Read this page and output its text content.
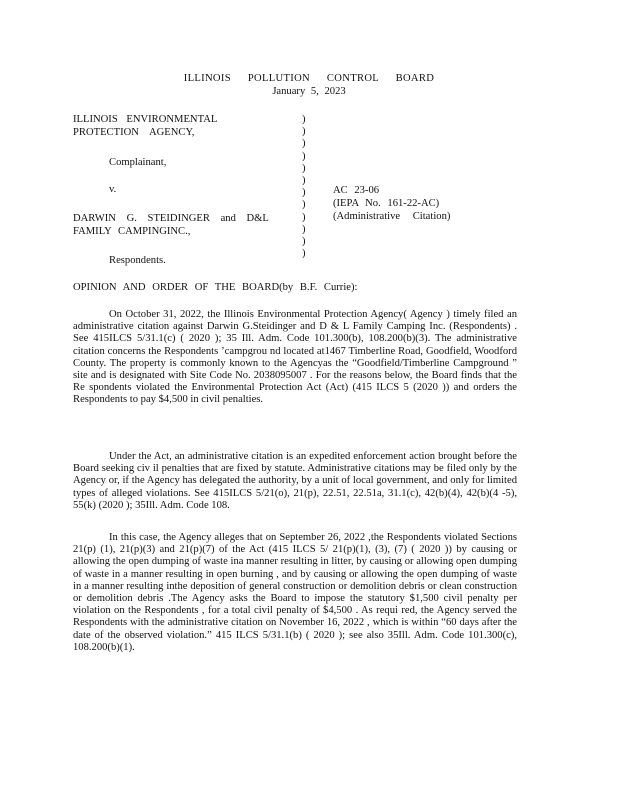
ILLINOIS POLLUTION CONTROL BOARD
January 5, 2023
ILLINOIS ENVIRONMENTAL
PROTECTION AGENCY,
Complainant,
v.
DARWIN G. STEIDINGER and D&L
FAMILY CAMPINGINC.,
Respondents.
)
)
)
)
)
)
)
)
)
)
)
)
AC 23-06
(IEPA No. 161-22-AC)
(Administrative Citation)
OPINION AND ORDER OF THE BOARD(by B.F. Currie):
On October 31, 2022, the Illinois Environmental Protection Agency( Agency ) timely filed an administrative citation against Darwin G.Steidinger and D & L Family Camping Inc. (Respondents) . See 415ILCS 5/31.1(c) ( 2020 ); 35 Ill. Adm. Code 101.300(b), 108.200(b)(3). The administrative citation concerns the Respondents ’campgrou nd located at1467 Timberline Road, Goodfield, Woodford County. The property is commonly known to the Agencyas the “Goodfield/Timberline Campground ” site and is designated with Site Code No. 2038095007 . For the reasons below, the Board finds that the Re spondents violated the Environmental Protection Act (Act) (415 ILCS 5 (2020 )) and orders the Respondents to pay $4,500 in civil penalties.
Under the Act, an administrative citation is an expedited enforcement action brought before the Board seeking civ il penalties that are fixed by statute. Administrative citations may be filed only by the Agency or, if the Agency has delegated the authority, by a unit of local government, and only for limited types of alleged violations. See 415ILCS 5/21(o), 21(p), 22.51, 22.51a, 31.1(c), 42(b)(4), 42(b)(4 -5), 55(k) (2020 ); 35Ill. Adm. Code 108.
In this case, the Agency alleges that on September 26, 2022 ,the Respondents violated Sections 21(p) (1), 21(p)(3) and 21(p)(7) of the Act (415 ILCS 5/ 21(p)(1), (3), (7) ( 2020 )) by causing or allowing the open dumping of waste ina manner resulting in litter, by causing or allowing open dumping of waste in a manner resulting in open burning , and by causing or allowing the open dumping of waste in a manner resulting inthe deposition of general construction or demolition debris or clean construction or demolition debris .The Agency asks the Board to impose the statutory $1,500 civil penalty per violation on the Respondents , for a total civil penalty of $4,500 . As requi red, the Agency served the Respondents with the administrative citation on November 16, 2022 , which is within “60 days after the date of the observed violation.” 415 ILCS 5/31.1(b) ( 2020 ); see also 35Ill. Adm. Code 101.300(c), 108.200(b)(1).
